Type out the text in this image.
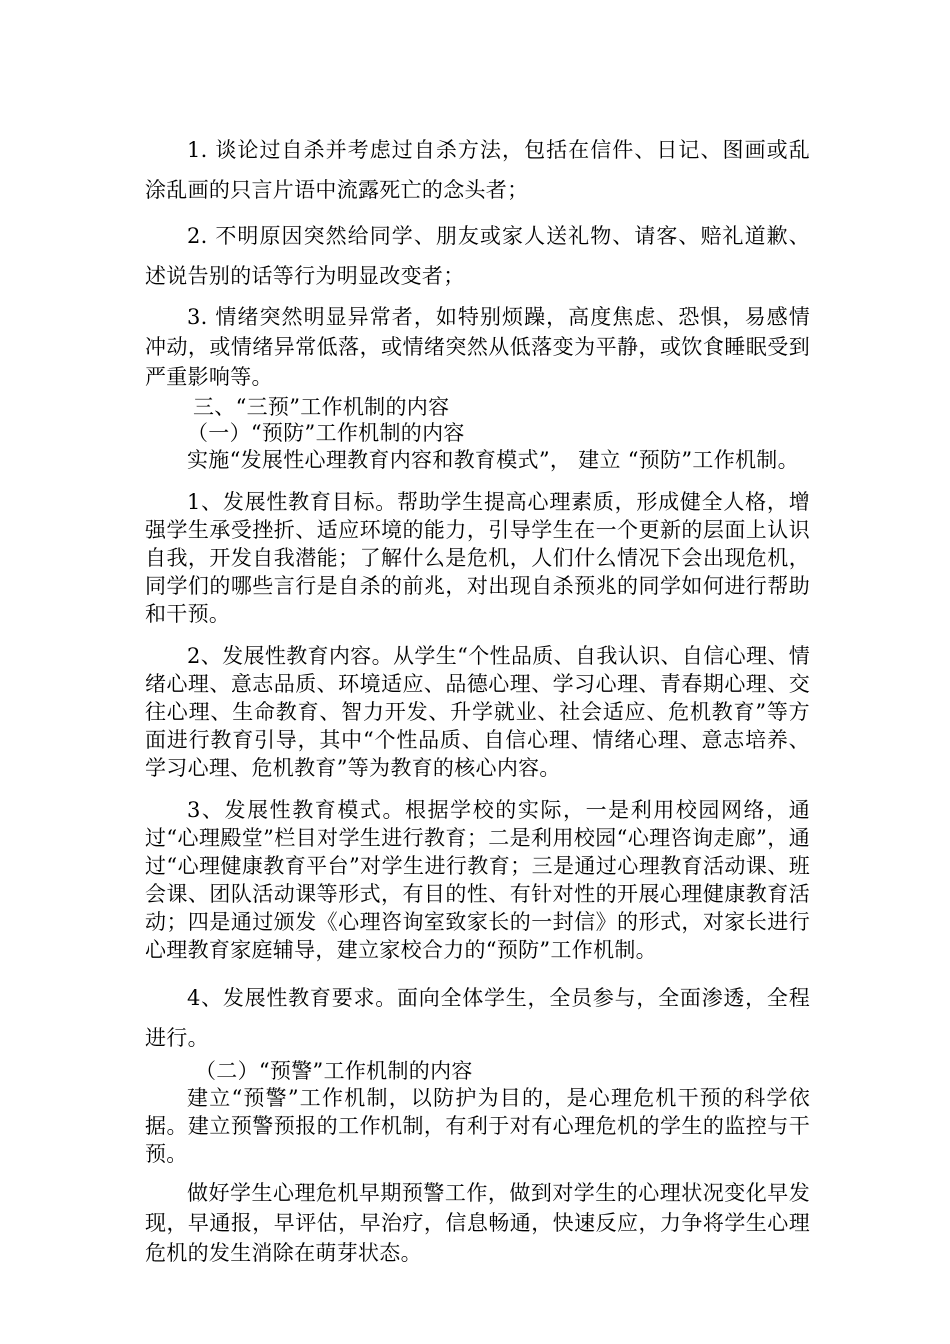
1. 谈论过自杀并考虑过自杀方法，包括在信件、日记、图画或乱涂乱画的只言片语中流露死亡的念头者；

2. 不明原因突然给同学、朋友或家人送礼物、请客、赔礼道歉、述说告别的话等行为明显改变者；

3. 情绪突然明显异常者，如特别烦躁，高度焦虑、恐惧，易感情冲动，或情绪异常低落，或情绪突然从低落变为平静，或饮食睡眠受到严重影响等。

三、“三预”工作机制的内容

（一）“预防”工作机制的内容

实施“发展性心理教育内容和教育模式”， 建立 “预防”工作机制。

1、发展性教育目标。帮助学生提高心理素质，形成健全人格，增强学生承受挫折、适应环境的能力，引导学生在一个更新的层面上认识自我，开发自我潜能；了解什么是危机，人们什么情况下会出现危机，同学们的哪些言行是自杀的前兆，对出现自杀预兆的同学如何进行帮助和干预。

2、发展性教育内容。从学生“个性品质、自我认识、自信心理、情绪心理、意志品质、环境适应、品德心理、学习心理、青春期心理、交往心理、生命教育、智力开发、升学就业、社会适应、危机教育”等方面进行教育引导，其中“个性品质、自信心理、情绪心理、意志培养、学习心理、危机教育”等为教育的核心内容。

3、发展性教育模式。根据学校的实际，一是利用校园网络，通过“心理殿堂”栏目对学生进行教育；二是利用校园“心理咨询走廊”，通过“心理健康教育平台”对学生进行教育；三是通过心理教育活动课、班会课、团队活动课等形式，有目的性、有针对性的开展心理健康教育活动；四是通过颁发《心理咨询室致家长的一封信》的形式，对家长进行心理教育家庭辅导，建立家校合力的“预防”工作机制。

4、发展性教育要求。面向全体学生，全员参与，全面渗透，全程进行。

（二）“预警”工作机制的内容

建立“预警”工作机制，以防护为目的，是心理危机干预的科学依据。建立预警预报的工作机制，有利于对有心理危机的学生的监控与干预。

做好学生心理危机早期预警工作，做到对学生的心理状况变化早发现，早通报，早评估，早治疗，信息畅通，快速反应，力争将学生心理危机的发生消除在萌芽状态。
